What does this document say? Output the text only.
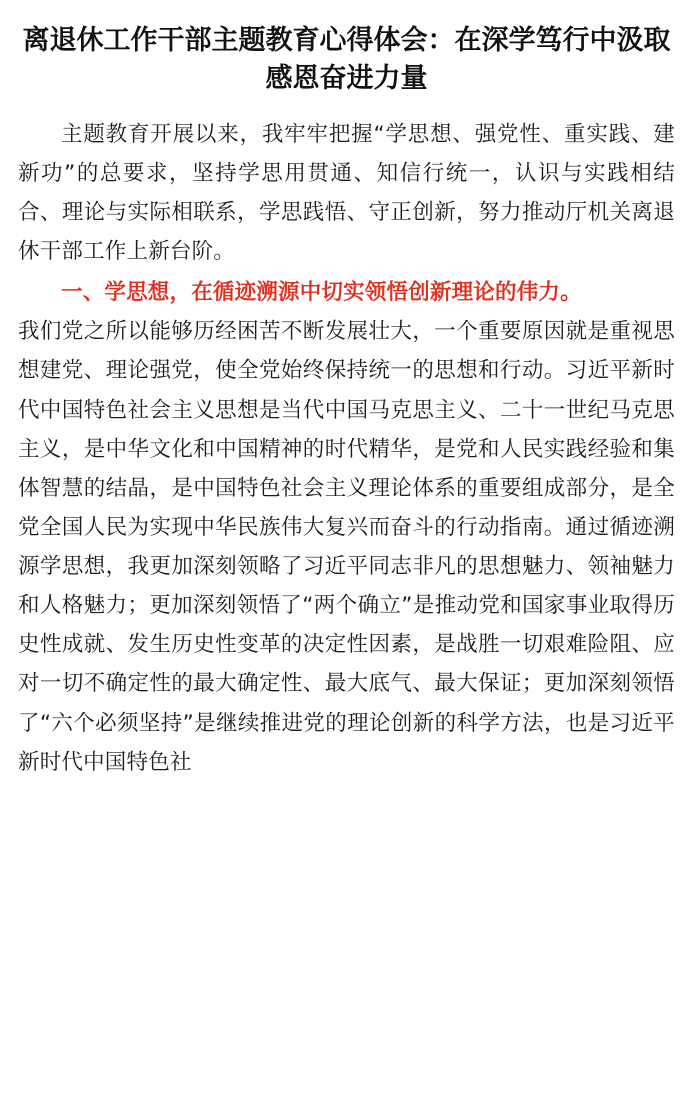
离退休工作干部主题教育心得体会：在深学笃行中汲取感恩奋进力量

主题教育开展以来，我牢牢把握“学思想、强党性、重实践、建新功”的总要求，坚持学思用贯通、知信行统一，认识与实践相结合、理论与实际相联系，学思践悟、守正创新，努力推动厅机关离退休干部工作上新台阶。

一、学思想，在循迹溯源中切实领悟创新理论的伟力。

我们党之所以能够历经困苦不断发展壮大，一个重要原因就是重视思想建党、理论强党，使全党始终保持统一的思想和行动。习近平新时代中国特色社会主义思想是当代中国马克思主义、二十一世纪马克思主义，是中华文化和中国精神的时代精华，是党和人民实践经验和集体智慧的结晶，是中国特色社会主义理论体系的重要组成部分，是全党全国人民为实现中华民族伟大复兴而奋斗的行动指南。通过循迹溯源学思想，我更加深刻领略了习近平同志非凡的思想魅力、领袖魅力和人格魅力；更加深刻领悟了“两个确立”是推动党和国家事业取得历史性成就、发生历史性变革的决定性因素，是战胜一切艰难险阻、应对一切不确定性的最大确定性、最大底气、最大保证；更加深刻领悟了“六个必须坚持”是继续推进党的理论创新的科学方法，也是习近平新时代中国特色社
